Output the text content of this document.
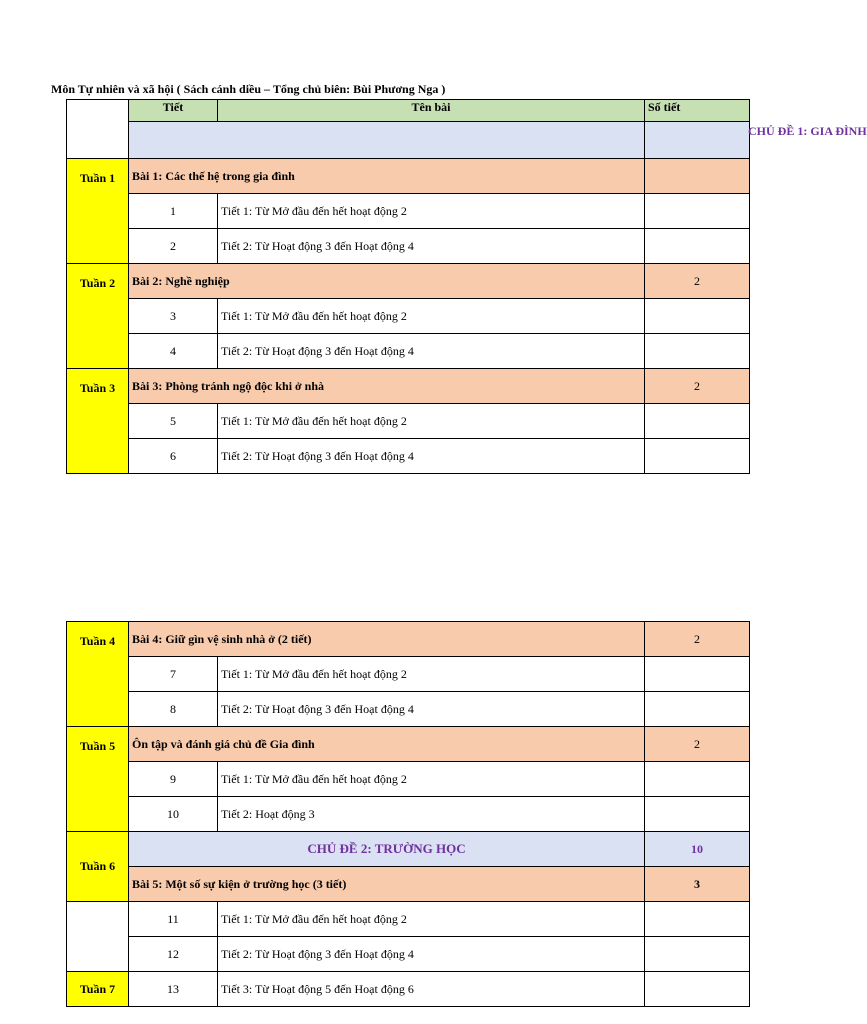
Môn Tự nhiên và xã hội ( Sách cánh diều – Tổng chủ biên: Bùi Phương Nga )
	Tiết	Tên bài	Số tiết	
			CHỦ ĐỀ 1: GIA ĐÌNH	
Tuần 1	Bài 1: Các thế hệ trong gia đình			
	1	Tiết 1: Từ Mở đầu đến hết hoạt động 2		
	2	Tiết 2: Từ Hoạt động 3 đến Hoạt động 4		
Tuần 2	Bài 2: Nghề nghiệp		2	
	3	Tiết 1: Từ Mở đầu đến hết hoạt động 2		
	4	Tiết 2: Từ Hoạt động 3 đến Hoạt động 4		
Tuần 3	Bài 3: Phòng tránh ngộ độc khi ở nhà		2	
	5	Tiết 1: Từ Mở đầu đến hết hoạt động 2		
	6	Tiết 2: Từ Hoạt động 3 đến Hoạt động 4		
Tuần 4	Bài 4: Giữ gìn vệ sinh nhà ở (2 tiết)		2
	7	Tiết 1: Từ Mở đầu đến hết hoạt động 2	
	8	Tiết 2: Từ Hoạt động 3 đến Hoạt động 4	
Tuần 5	Ôn tập và đánh giá chủ đề Gia đình		2
	9	Tiết 1: Từ Mở đầu đến hết hoạt động 2	
	10	Tiết 2: Hoạt động 3	
Tuần 6	CHỦ ĐỀ 2: TRƯỜNG HỌC		10
	Bài 5: Một số sự kiện ở trường học (3 tiết)		3
	11	Tiết 1: Từ Mở đầu đến hết hoạt động 2	
	12	Tiết 2: Từ Hoạt động 3 đến Hoạt động 4	
Tuần 7	13	Tiết 3: Từ Hoạt động 5 đến Hoạt động 6	
